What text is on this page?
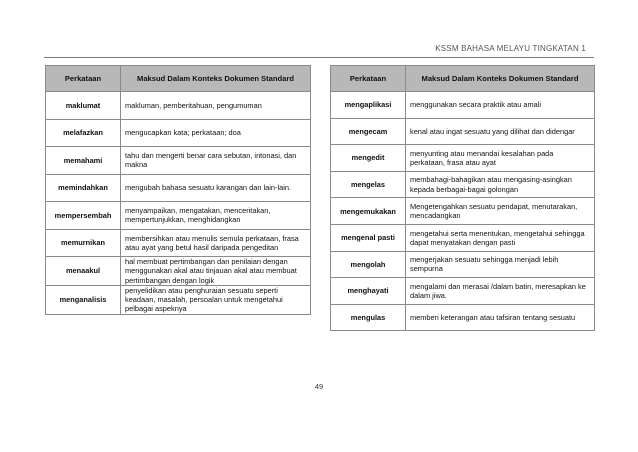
KSSM BAHASA MELAYU TINGKATAN 1
Perkataan	Maksud Dalam Konteks Dokumen Standard
maklumat	makluman, pemberitahuan, pengumuman
melafazkan	mengucapkan kata; perkataan; doa
memahami	tahu dan mengerti benar cara sebutan, intonasi, dan makna
memindahkan	mengubah bahasa sesuatu karangan dan lain-lain.
mempersembah	menyampaikan, mengatakan, menceritakan, mempertunjukkan, menghidangkan
memurnikan	membersihkan atau menulis semula perkataan, frasa atau ayat yang betul hasil daripada pengeditan
menaakul	hal membuat pertimbangan dan penilaian dengan menggunakan akal atau tinjauan akal atau membuat pertimbangan dengan logik
menganalisis	penyelidikan atau penghuraian sesuatu seperti keadaan, masalah, persoalan untuk mengetahui pelbagai aspeknya
Perkataan	Maksud Dalam Konteks Dokumen Standard
mengaplikasi	menggunakan secara praktik atau amali
mengecam	kenal atau ingat sesuatu yang dilihat dan didengar
mengedit	menyunting atau menandai kesalahan pada perkataan, frasa atau ayat
mengelas	membahagi-bahagikan atau mengasing-asingkan kepada berbagai-bagai golongan
mengemukakan	Mengetengahkan sesuatu pendapat, menutarakan, mencadangkan
mengenal pasti	mengetahui serta menentukan, mengetahui sehingga dapat menyatakan dengan pasti
mengolah	mengerjakan sesuatu sehingga menjadi lebih sempurna
menghayati	mengalami dan merasai /dalam batin, meresapkan ke dalam jiwa.
mengulas	memberi keterangan atau tafsiran tentang sesuatu
49
